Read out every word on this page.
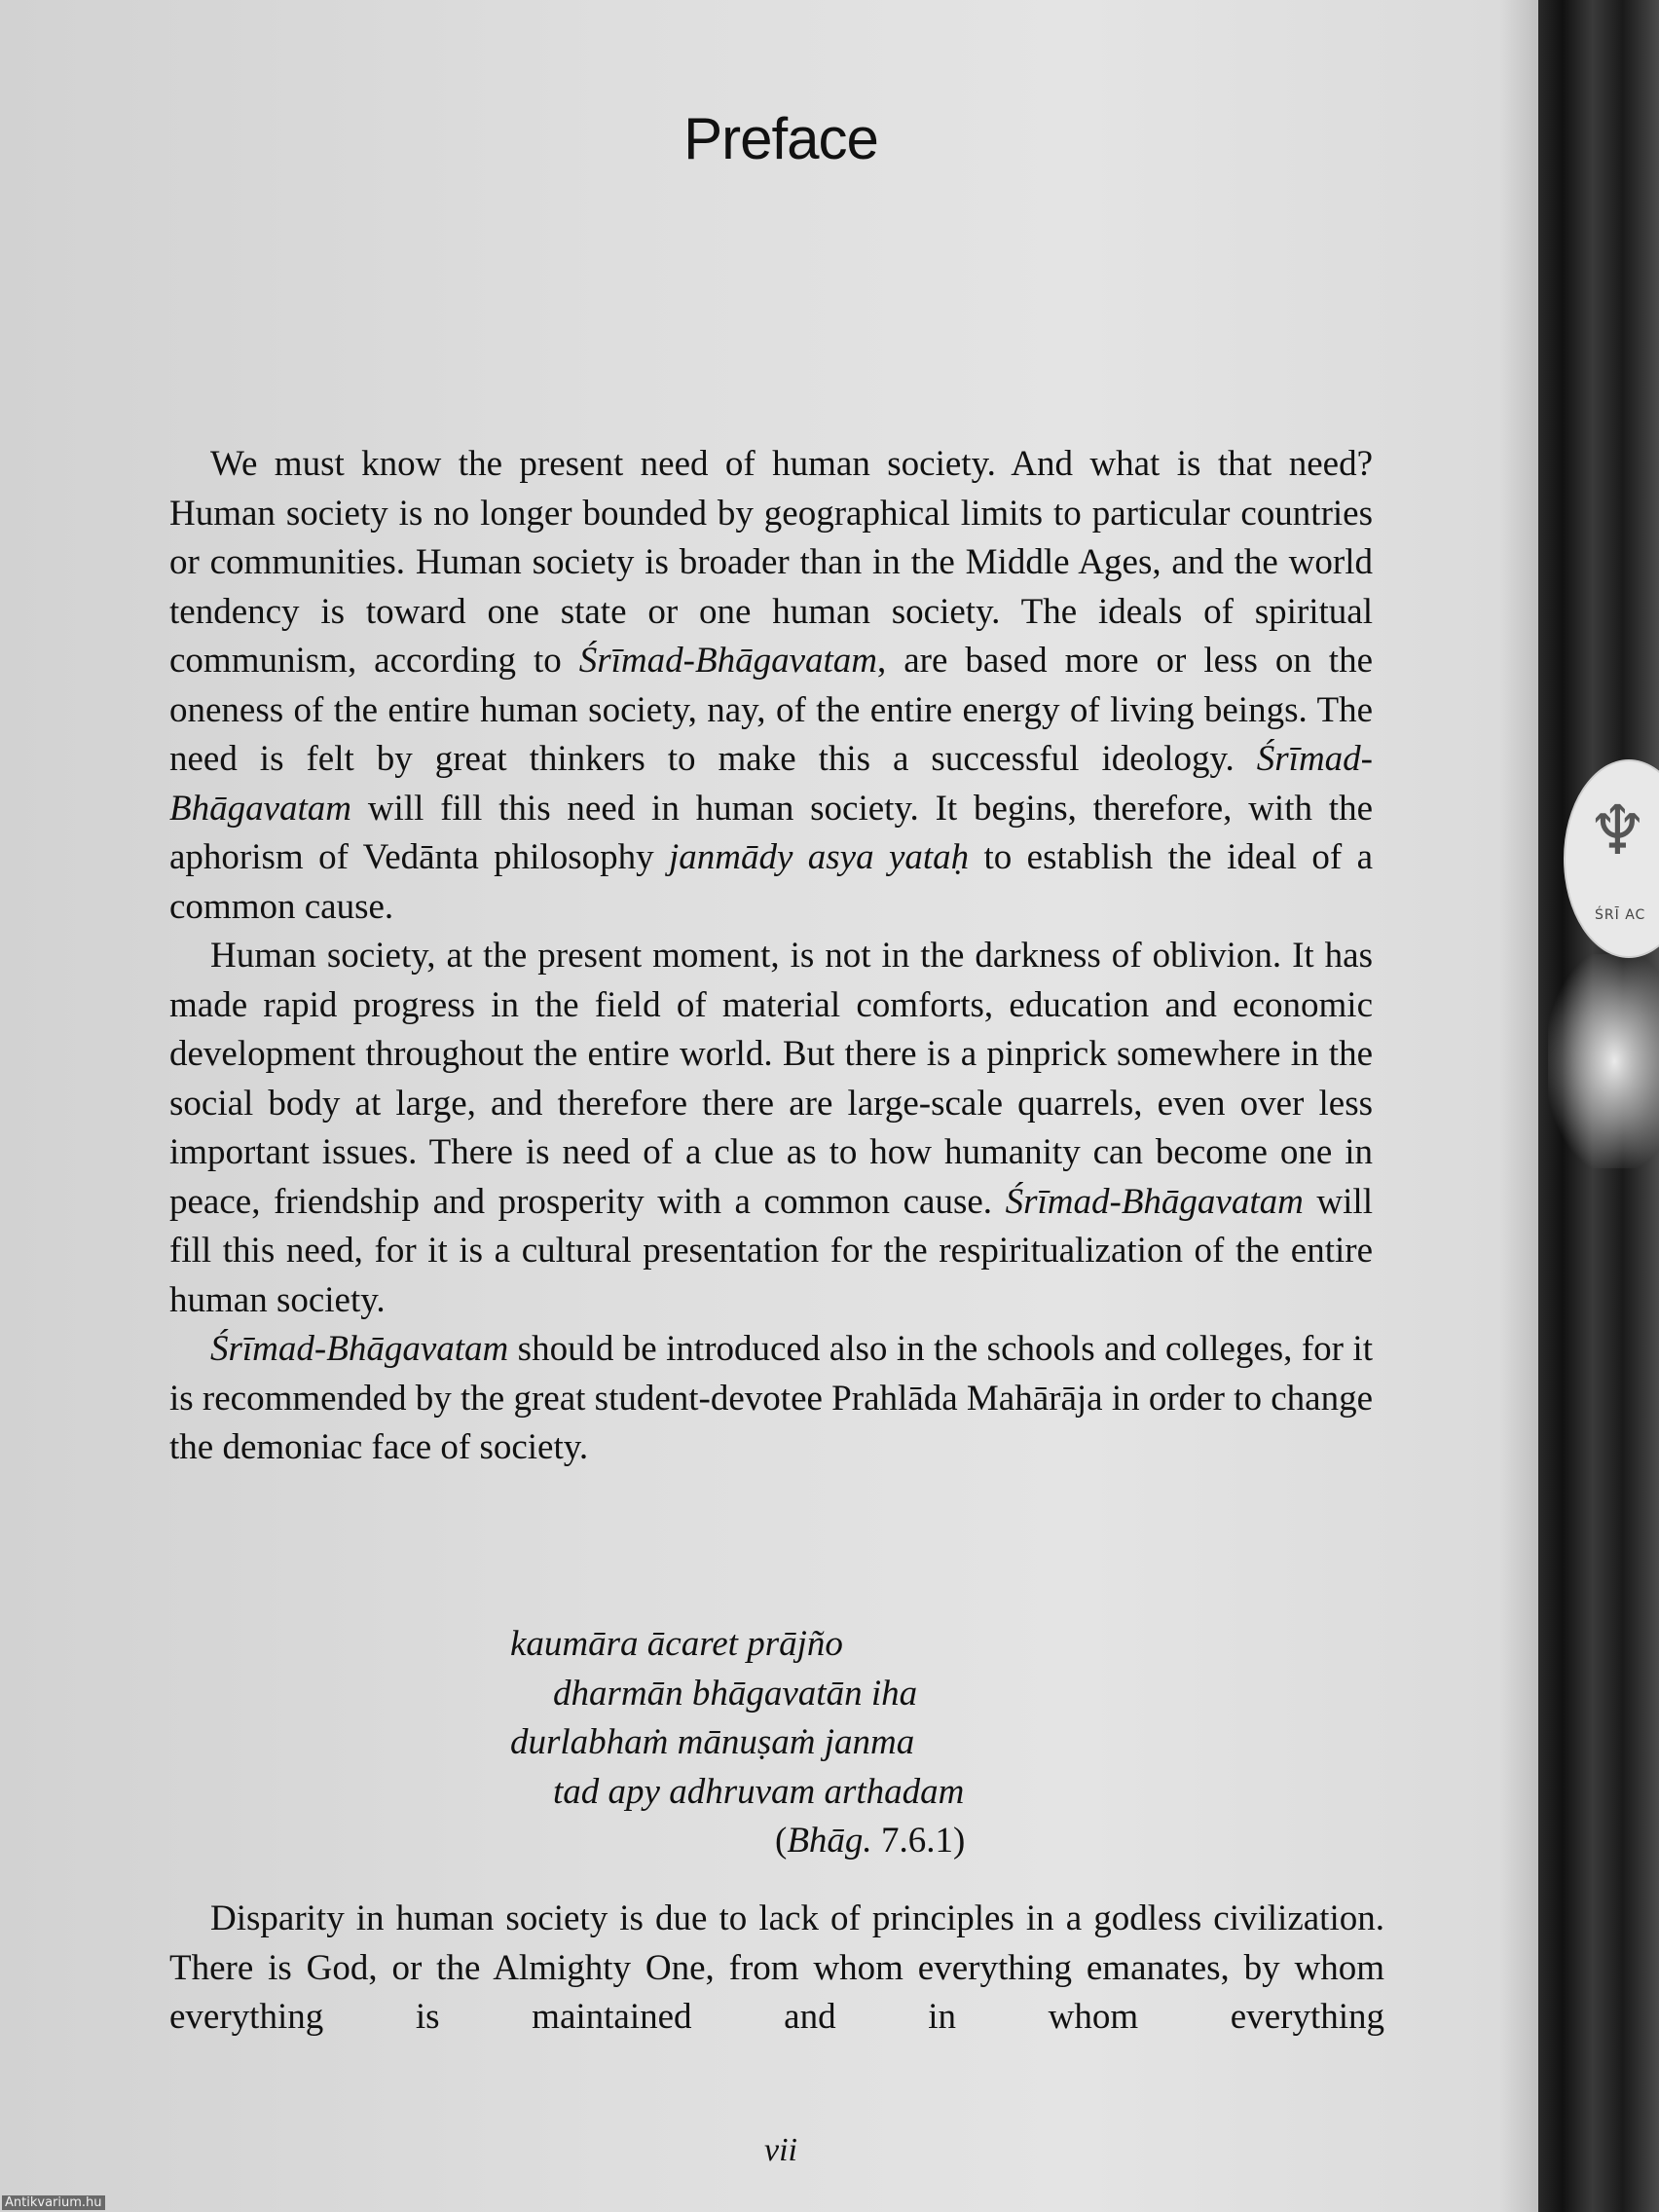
♆
ŚRĪ AC
Preface

We must know the present need of human society. And what is that need? Human society is no longer bounded by geographical limits to particular countries or communities. Human society is broader than in the Middle Ages, and the world tendency is toward one state or one human society. The ideals of spiritual communism, according to Śrīmad-Bhāgavatam, are based more or less on the oneness of the entire human society, nay, of the entire energy of living beings. The need is felt by great thinkers to make this a successful ideology. Śrīmad-Bhāgavatam will fill this need in human society. It begins, therefore, with the aphorism of Vedānta philosophy janmādy asya yataḥ to establish the ideal of a common cause.

Human society, at the present moment, is not in the darkness of oblivion. It has made rapid progress in the field of material comforts, education and economic development throughout the entire world. But there is a pinprick somewhere in the social body at large, and therefore there are large-scale quarrels, even over less important issues. There is need of a clue as to how humanity can become one in peace, friendship and prosperity with a common cause. Śrīmad-Bhāgavatam will fill this need, for it is a cultural presentation for the respiritualization of the entire human society.

Śrīmad-Bhāgavatam should be introduced also in the schools and colleges, for it is recommended by the great student-devotee Prahlāda Mahārāja in order to change the demoniac face of society.

kaumāra ācaret prājño
dharmān bhāgavatān iha
durlabhaṁ mānuṣaṁ janma
tad apy adhruvam arthadam
(Bhāg. 7.6.1)

Disparity in human society is due to lack of principles in a godless civilization. There is God, or the Almighty One, from whom everything emanates, by whom everything is maintained and in whom everything

vii
Antikvarium.hu
